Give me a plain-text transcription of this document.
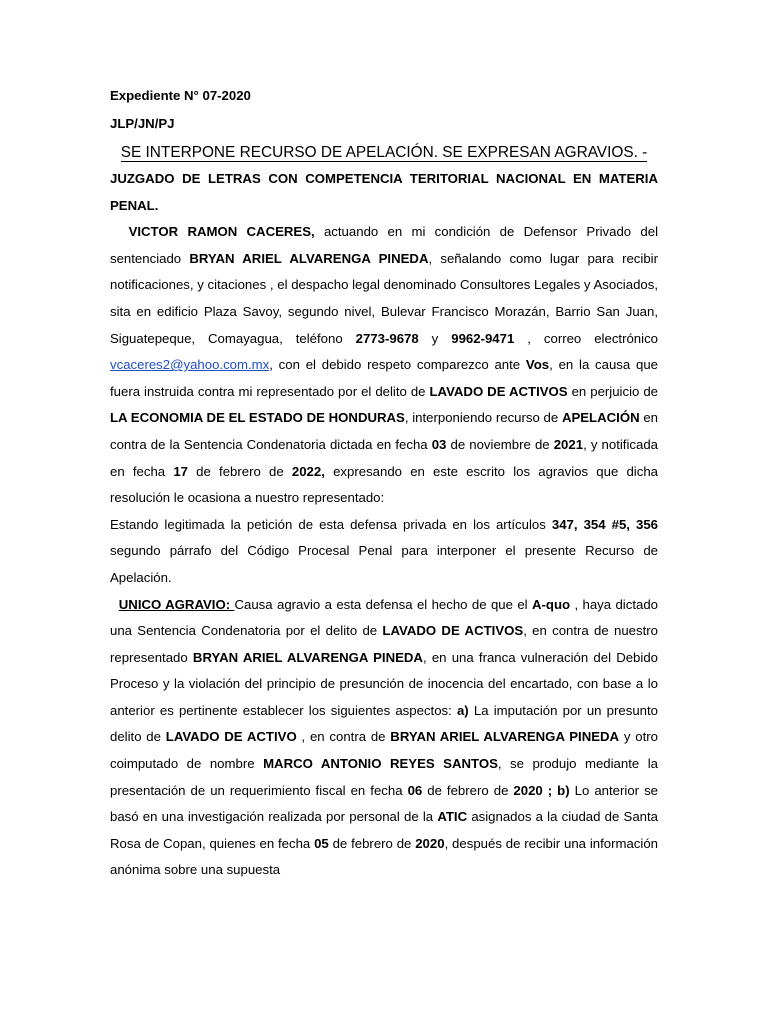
Expediente N° 07-2020

JLP/JN/PJ

SE INTERPONE RECURSO DE APELACIÓN. SE EXPRESAN AGRAVIOS. -

JUZGADO DE LETRAS CON COMPETENCIA TERITORIAL NACIONAL EN MATERIA PENAL.

VICTOR RAMON CACERES, actuando en mi condición de Defensor Privado del sentenciado BRYAN ARIEL ALVARENGA PINEDA, señalando como lugar para recibir notificaciones, y citaciones , el despacho legal denominado Consultores Legales y Asociados, sita en edificio Plaza Savoy, segundo nivel, Bulevar Francisco Morazán, Barrio San Juan, Siguatepeque, Comayagua, teléfono 2773-9678 y 9962-9471 , correo electrónico vcaceres2@yahoo.com.mx, con el debido respeto comparezco ante Vos, en la causa que fuera instruida contra mi representado por el delito de LAVADO DE ACTIVOS en perjuicio de LA ECONOMIA DE EL ESTADO DE HONDURAS, interponiendo recurso de APELACIÓN en contra de la Sentencia Condenatoria dictada en fecha 03 de noviembre de 2021, y notificada en fecha 17 de febrero de 2022, expresando en este escrito los agravios que dicha resolución le ocasiona a nuestro representado:

Estando legitimada la petición de esta defensa privada en los artículos 347, 354 #5, 356 segundo párrafo del Código Procesal Penal para interponer el presente Recurso de Apelación.

UNICO AGRAVIO: Causa agravio a esta defensa el hecho de que el A-quo , haya dictado una Sentencia Condenatoria por el delito de LAVADO DE ACTIVOS, en contra de nuestro representado BRYAN ARIEL ALVARENGA PINEDA, en una franca vulneración del Debido Proceso y la violación del principio de presunción de inocencia del encartado, con base a lo anterior es pertinente establecer los siguientes aspectos: a) La imputación por un presunto delito de LAVADO DE ACTIVO , en contra de BRYAN ARIEL ALVARENGA PINEDA y otro coimputado de nombre MARCO ANTONIO REYES SANTOS, se produjo mediante la presentación de un requerimiento fiscal en fecha 06 de febrero de 2020 ; b) Lo anterior se basó en una investigación realizada por personal de la ATIC asignados a la ciudad de Santa Rosa de Copan, quienes en fecha 05 de febrero de 2020, después de recibir una información anónima sobre una supuesta
